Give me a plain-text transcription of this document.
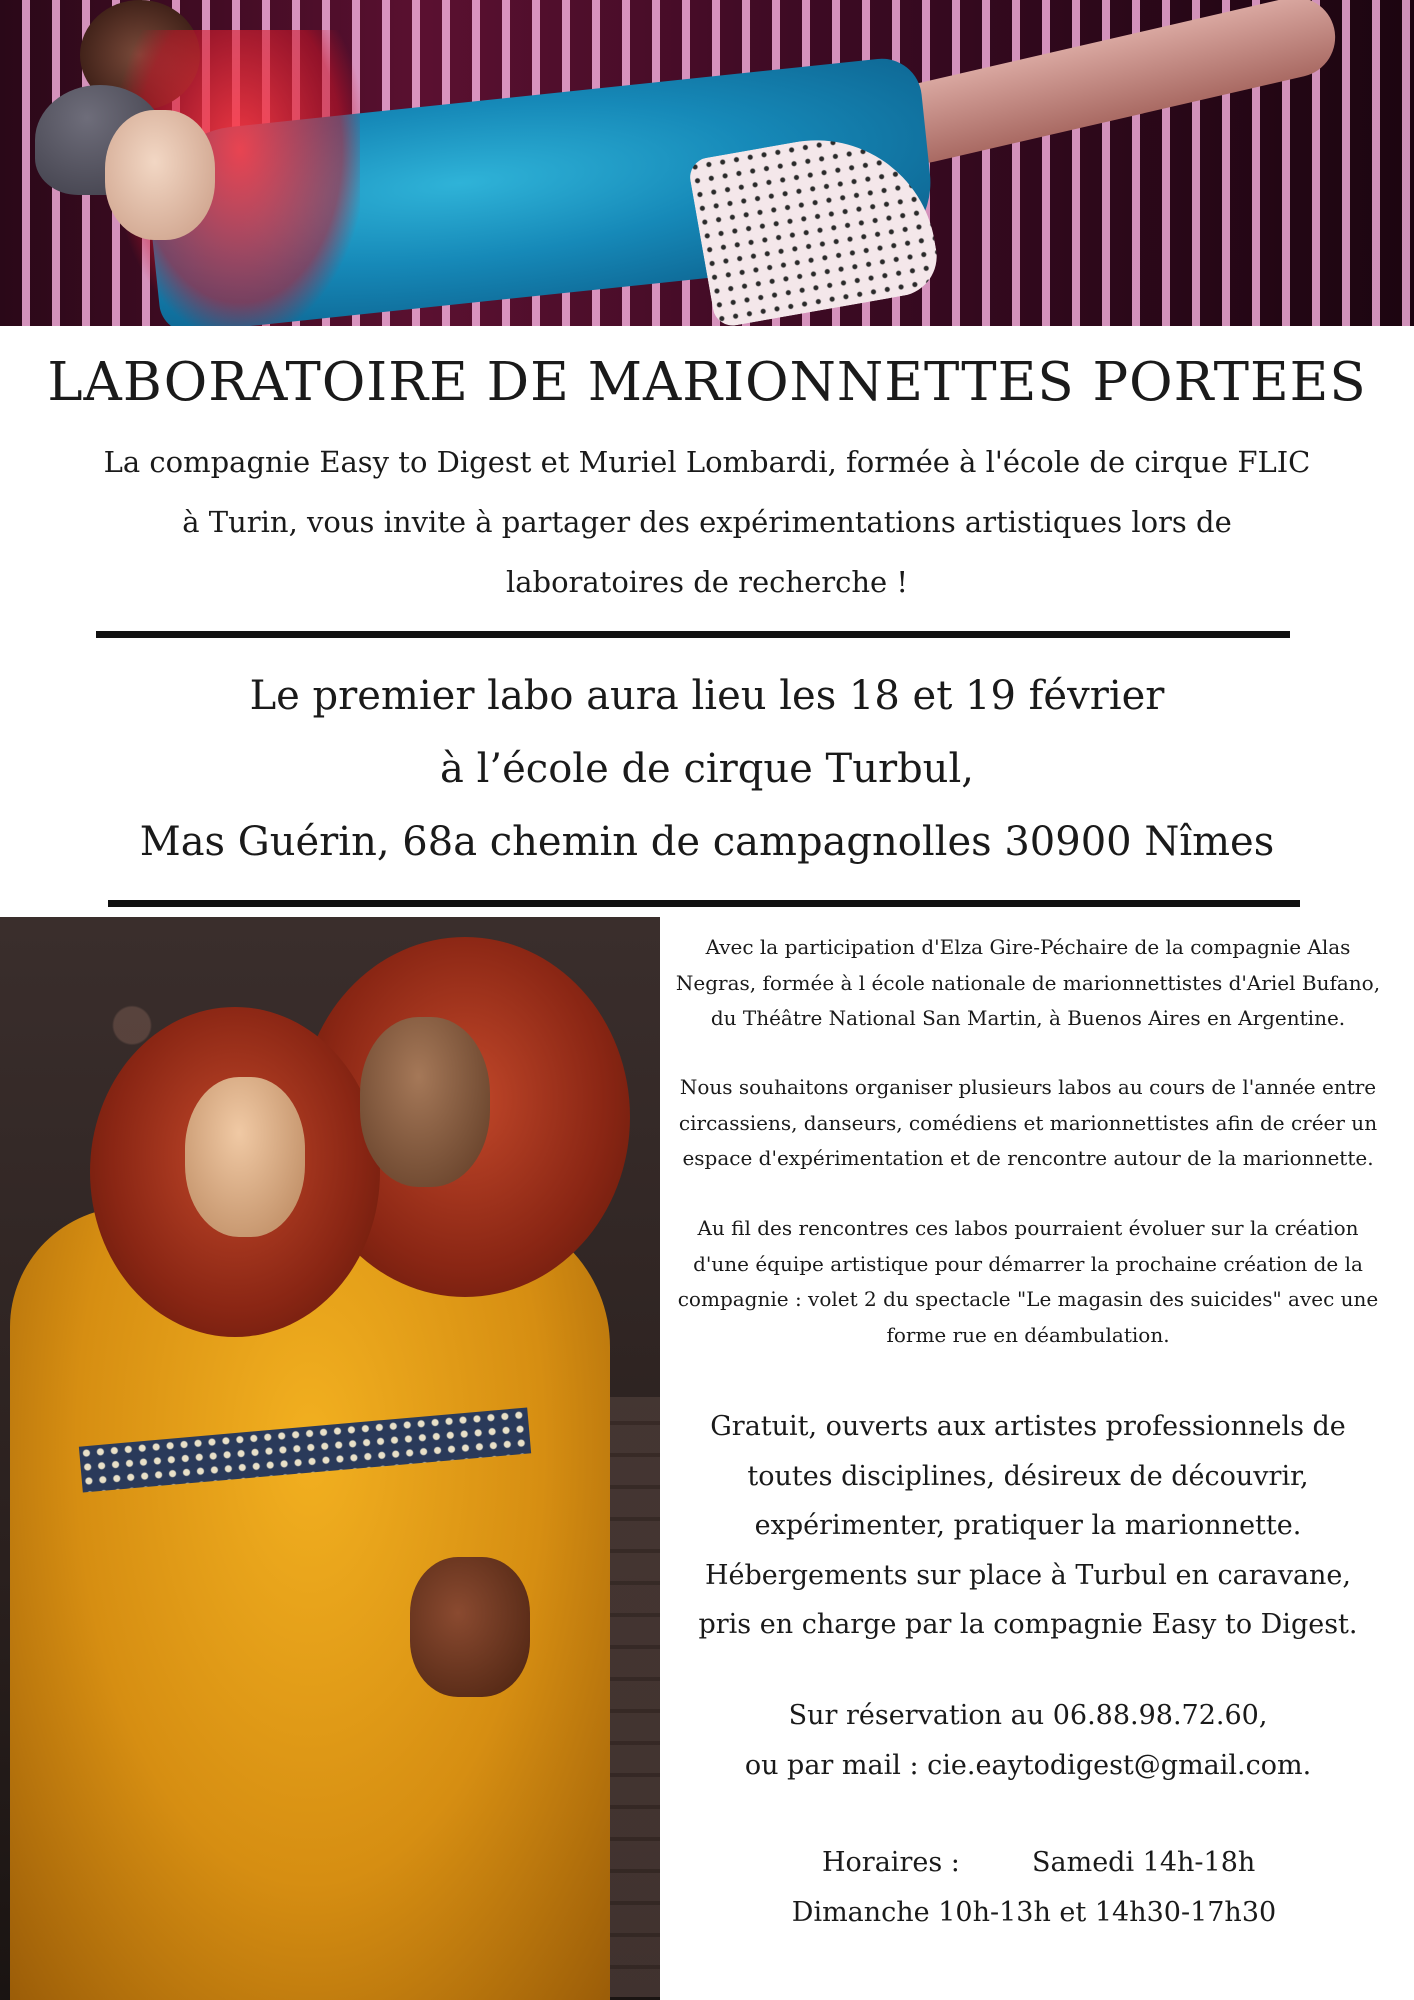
LABORATOIRE DE MARIONNETTES PORTEES
La compagnie Easy to Digest et Muriel Lombardi, formée à l'école de cirque FLIC
à Turin, vous invite à partager des expérimentations artistiques lors de
laboratoires de recherche !
Le premier labo aura lieu les 18 et 19 février
à l’école de cirque Turbul,
Mas Guérin, 68a chemin de campagnolles 30900 Nîmes
Avec la participation d'Elza Gire-Péchaire de la compagnie Alas
Negras, formée à l école nationale de marionnettistes d'Ariel Bufano,
du Théâtre National San Martin, à Buenos Aires en Argentine.
Nous souhaitons organiser plusieurs labos au cours de l'année entre
circassiens, danseurs, comédiens et marionnettistes afin de créer un
espace d'expérimentation et de rencontre autour de la marionnette.
Au fil des rencontres ces labos pourraient évoluer sur la création
d'une équipe artistique pour démarrer la prochaine création de la
compagnie : volet 2 du spectacle "Le magasin des suicides" avec une
forme rue en déambulation.
Gratuit, ouverts aux artistes professionnels de
toutes disciplines, désireux de découvrir,
expérimenter, pratiquer la marionnette.
Hébergements sur place à Turbul en caravane,
pris en charge par la compagnie Easy to Digest.
Sur réservation au 06.88.98.72.60,
ou par mail : cie.eaytodigest@gmail.com.
Horaires :	Samedi 14h-18h
Dimanche 10h-13h et 14h30-17h30
